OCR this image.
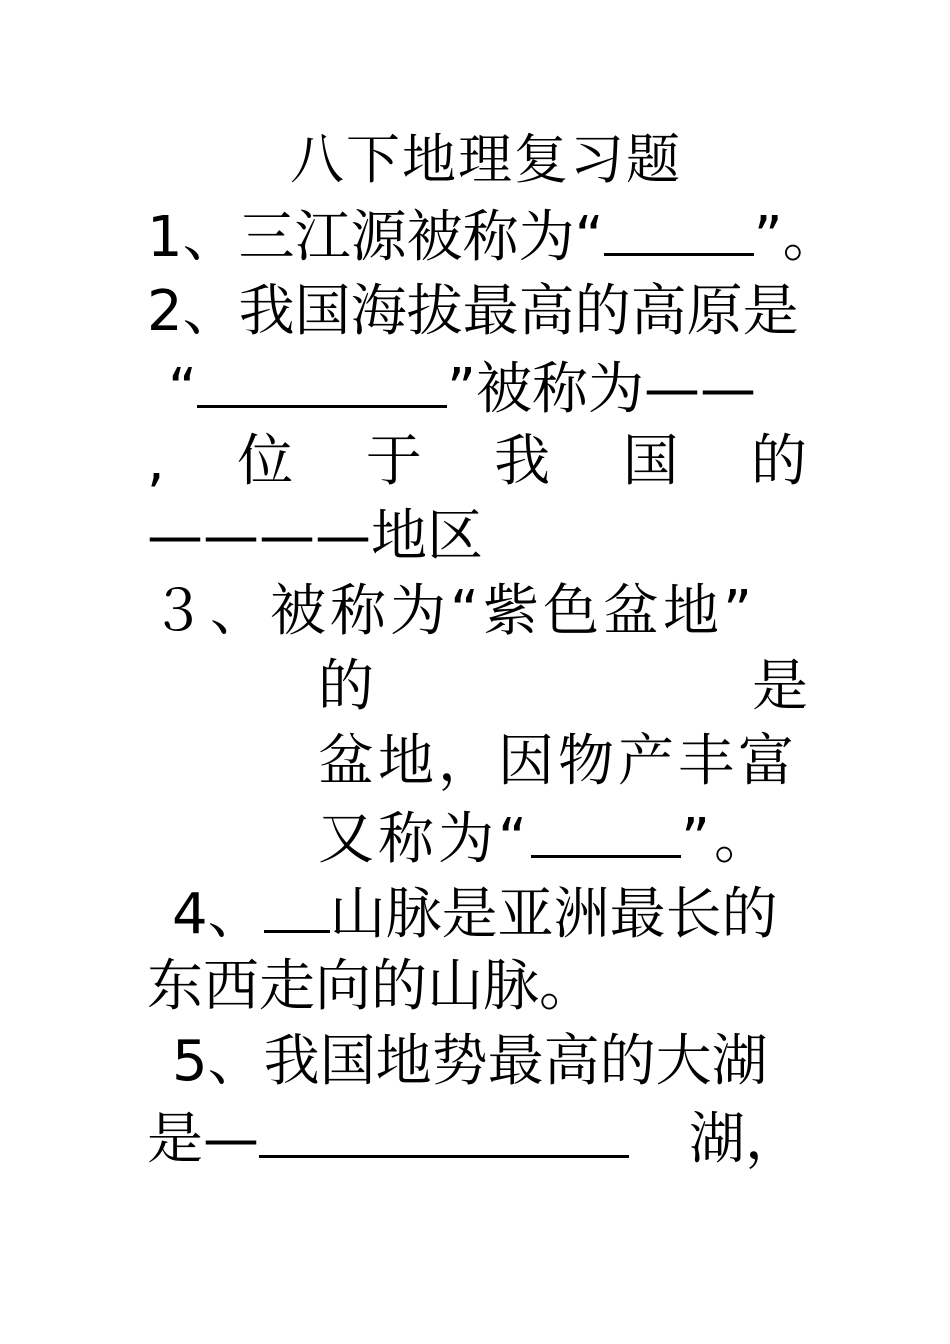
八下地理复习题
1、三江源被称为“	”。
2、我国海拔最高的高原是
“	”被称为——
, 位 于 我 国 的
————地区
３、被称为“紫色盆地”
的	是
盆地，因物产丰富
又称为“	”。
4、 山脉是亚洲最长的
东西走向的山脉。
5、我国地势最高的大湖
是—	湖，
